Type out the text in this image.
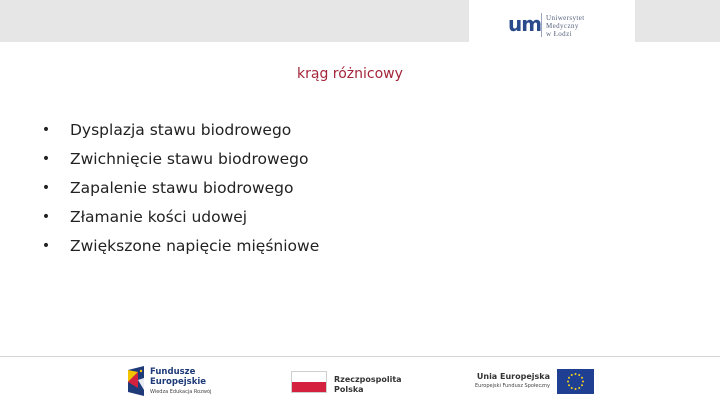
um Uniwersytet
Medyczny
w Łodzi
krąg różnicowy
• Dysplazja stawu biodrowego
• Zwichnięcie stawu biodrowego
• Zapalenie stawu biodrowego
• Złamanie kości udowej
• Zwiększone napięcie mięśniowe
Fundusze
Europejskie
Wiedza Edukacja Rozwój
Rzeczpospolita
Polska
Unia Europejska
Europejski Fundusz Społeczny
